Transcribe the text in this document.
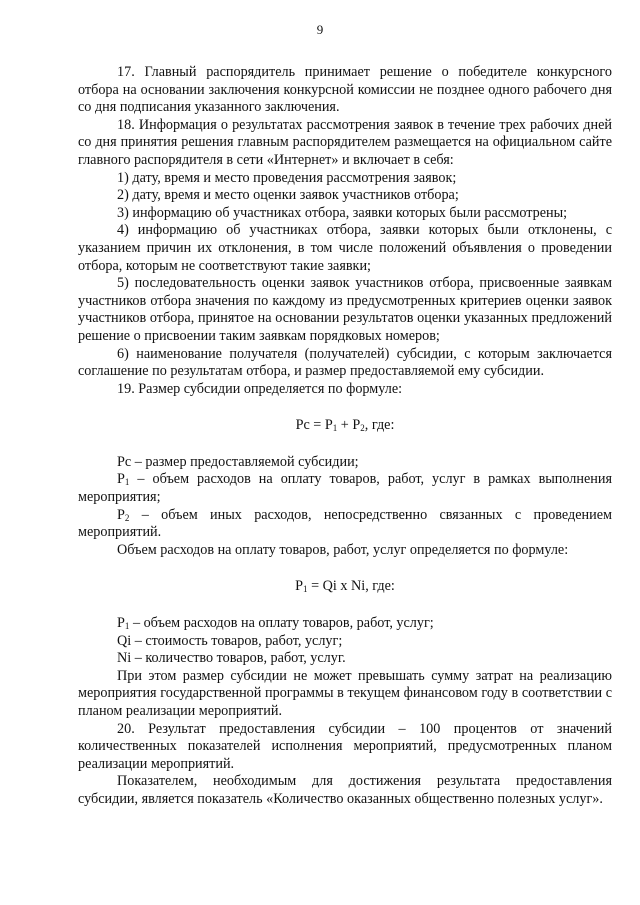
9

17. Главный распорядитель принимает решение о победителе конкурсного отбора на основании заключения конкурсной комиссии не позднее одного рабочего дня со дня подписания указанного заключения.

18. Информация о результатах рассмотрения заявок в течение трех рабочих дней со дня принятия решения главным распорядителем размещается на официальном сайте главного распорядителя в сети «Интернет» и включает в себя:

1) дату, время и место проведения рассмотрения заявок;

2) дату, время и место оценки заявок участников отбора;

3) информацию об участниках отбора, заявки которых были рассмотрены;

4) информацию об участниках отбора, заявки которых были отклонены, с указанием причин их отклонения, в том числе положений объявления о проведении отбора, которым не соответствуют такие заявки;

5) последовательность оценки заявок участников отбора, присвоенные заявкам участников отбора значения по каждому из предусмотренных критериев оценки заявок участников отбора, принятое на основании результатов оценки указанных предложений решение о присвоении таким заявкам порядковых номеров;

6) наименование получателя (получателей) субсидии, с которым заключается соглашение по результатам отбора, и размер предоставляемой ему субсидии.

19. Размер субсидии определяется по формуле:

Рс = $Р_1 + Р_2$, где:

Рс – размер предоставляемой субсидии;

$Р_1$ – объем расходов на оплату товаров, работ, услуг в рамках выполнения мероприятия;

$Р_2$ – объем иных расходов, непосредственно связанных с проведением мероприятий.

Объем расходов на оплату товаров, работ, услуг определяется по формуле:

$Р_1 = Qi$ х Ni, где:

$Р_1$ – объем расходов на оплату товаров, работ, услуг;

Qi – стоимость товаров, работ, услуг;

Ni – количество товаров, работ, услуг.

При этом размер субсидии не может превышать сумму затрат на реализацию мероприятия государственной программы в текущем финансовом году в соответствии с планом реализации мероприятий.

20. Результат предоставления субсидии – 100 процентов от значений количественных показателей исполнения мероприятий, предусмотренных планом реализации мероприятий.

Показателем, необходимым для достижения результата предоставления субсидии, является показатель «Количество оказанных общественно полезных услуг».
